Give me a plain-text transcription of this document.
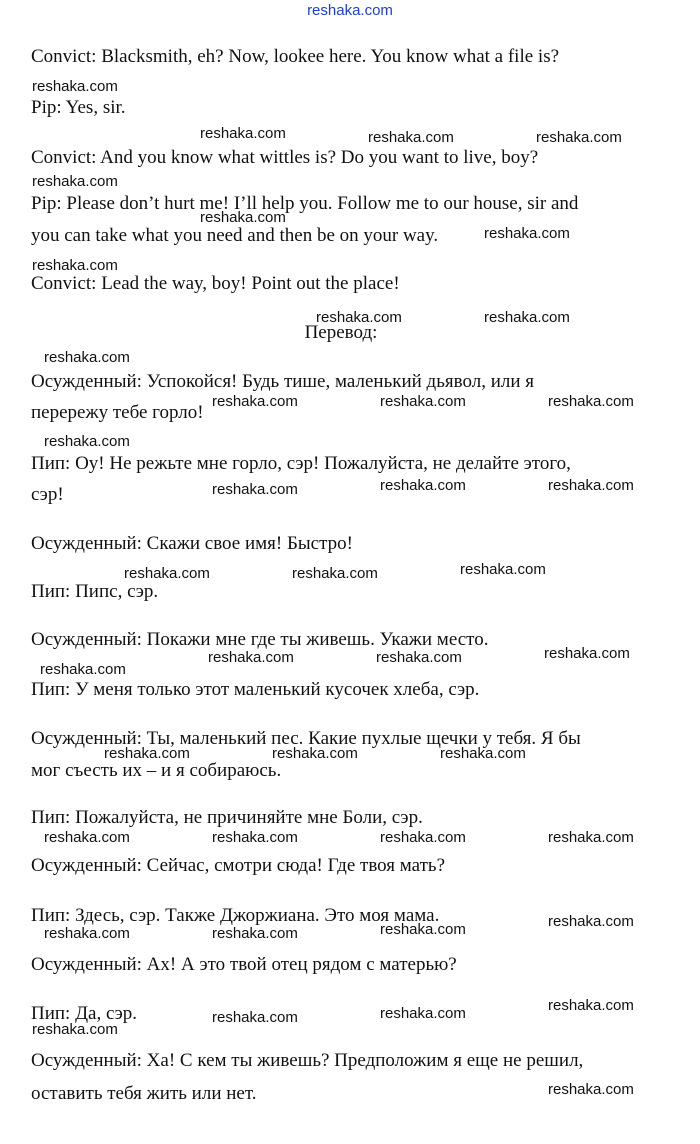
reshaka.com
Convict: Blacksmith, eh? Now, lookee here. You know what a file is?
Pip: Yes, sir.
Convict: And you know what wittles is? Do you want to live, boy?
Pip: Please don’t hurt me! I’ll help you. Follow me to our house, sir and
you can take what you need and then be on your way.
Convict: Lead the way, boy! Point out the place!
Перевод:
Осужденный: Успокойся! Будь тише, маленький дьявол, или я
перережу тебе горло!
Пип: Оу! Не режьте мне горло, сэр! Пожалуйста, не делайте этого,
сэр!
Осужденный: Скажи свое имя! Быстро!
Пип: Пипс, сэр.
Осужденный: Покажи мне где ты живешь. Укажи место.
Пип: У меня только этот маленький кусочек хлеба, сэр.
Осужденный: Ты, маленький пес. Какие пухлые щечки у тебя. Я бы
мог съесть их – и я собираюсь.
Пип: Пожалуйста, не причиняйте мне Боли, сэр.
Осужденный: Сейчас, смотри сюда! Где твоя мать?
Пип: Здесь, сэр. Также Джоржиана. Это моя мама.
Осужденный: Ах! А это твой отец рядом с матерью?
Пип: Да, сэр.
Осужденный: Ха! С кем ты живешь? Предположим я еще не решил,
оставить тебя жить или нет.
reshaka.com
reshaka.com	reshaka.com	reshaka.com
reshaka.com
reshaka.com
reshaka.com
reshaka.com
reshaka.com	reshaka.com
reshaka.com
reshaka.com	reshaka.com	reshaka.com
reshaka.com
reshaka.com	reshaka.com	reshaka.com
reshaka.com	reshaka.com	reshaka.com
reshaka.com	reshaka.com	reshaka.com
reshaka.com
reshaka.com	reshaka.com	reshaka.com
reshaka.com	reshaka.com	reshaka.com	reshaka.com
reshaka.com
reshaka.com
reshaka.com	reshaka.com
reshaka.com
reshaka.com
reshaka.com
reshaka.com
reshaka.com
